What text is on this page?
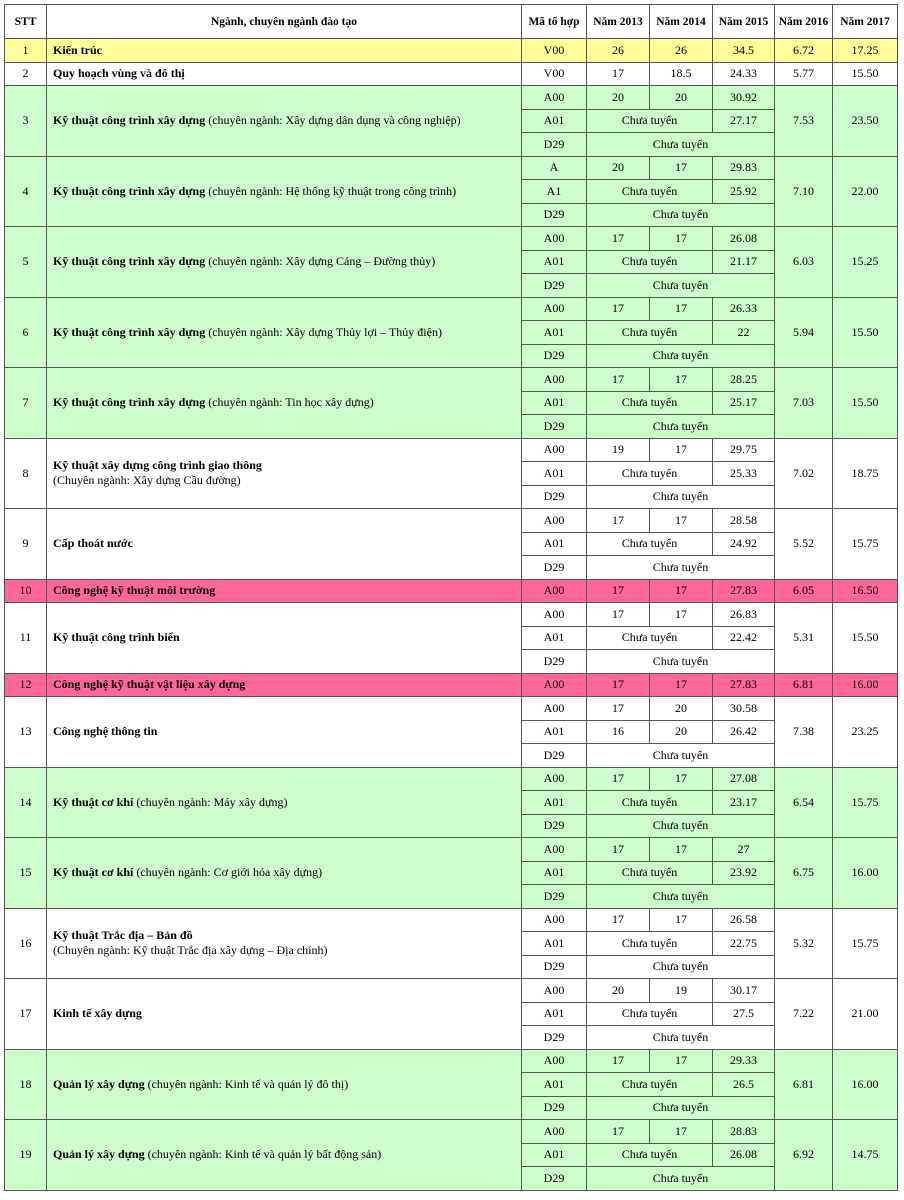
STT	Ngành, chuyên ngành đào tạo	Mã tổ hợp	Năm 2013	Năm 2014	Năm 2015	Năm 2016	Năm 2017
1	Kiến trúc	V00	26	26	34.5	6.72	17.25
2	Quy hoạch vùng và đô thị	V00	17	18.5	24.33	5.77	15.50
3	Kỹ thuật công trình xây dựng (chuyên ngành: Xây dựng dân dụng và công nghiệp)	A00	20	20	30.92	7.53	23.50
		A01	Chưa tuyển		27.17		
		D29	Chưa tuyển				
4	Kỹ thuật công trình xây dựng (chuyên ngành: Hệ thống kỹ thuật trong công trình)	A	20	17	29.83	7.10	22.00
		A1	Chưa tuyển		25.92		
		D29	Chưa tuyển				
5	Kỹ thuật công trình xây dựng (chuyên ngành: Xây dựng Cảng – Đường thủy)	A00	17	17	26.08	6.03	15.25
		A01	Chưa tuyển		21.17		
		D29	Chưa tuyển				
6	Kỹ thuật công trình xây dựng (chuyên ngành: Xây dựng Thủy lợi – Thủy điện)	A00	17	17	26.33	5.94	15.50
		A01	Chưa tuyển		22		
		D29	Chưa tuyển				
7	Kỹ thuật công trình xây dựng (chuyên ngành: Tin học xây dựng)	A00	17	17	28.25	7.03	15.50
		A01	Chưa tuyển		25.17		
		D29	Chưa tuyển				
8	Kỹ thuật xây dựng công trình giao thông
(Chuyên ngành: Xây dựng Cầu đường)	A00	19	17	29.75	7.02	18.75
		A01	Chưa tuyển		25.33		
		D29	Chưa tuyển				
9	Cấp thoát nước	A00	17	17	28.58	5.52	15.75
		A01	Chưa tuyển		24.92		
		D29	Chưa tuyển				
10	Công nghệ kỹ thuật môi trường	A00	17	17	27.83	6.05	16.50
11	Kỹ thuật công trình biển	A00	17	17	26.83	5.31	15.50
		A01	Chưa tuyển		22.42		
		D29	Chưa tuyển				
12	Công nghệ kỹ thuật vật liệu xây dựng	A00	17	17	27.83	6.81	16.00
13	Công nghệ thông tin	A00	17	20	30.58	7.38	23.25
		A01	16	20	26.42		
		D29	Chưa tuyển				
14	Kỹ thuật cơ khí (chuyên ngành: Máy xây dựng)	A00	17	17	27.08	6.54	15.75
		A01	Chưa tuyển		23.17		
		D29	Chưa tuyển				
15	Kỹ thuật cơ khí (chuyên ngành: Cơ giới hóa xây dựng)	A00	17	17	27	6.75	16.00
		A01	Chưa tuyển		23.92		
		D29	Chưa tuyển				
16	Kỹ thuật Trắc địa – Bản đồ
(Chuyên ngành: Kỹ thuật Trắc địa xây dựng – Địa chính)	A00	17	17	26.58	5.32	15.75
		A01	Chưa tuyển		22.75		
		D29	Chưa tuyển				
17	Kinh tế xây dựng	A00	20	19	30.17	7.22	21.00
		A01	Chưa tuyển		27.5		
		D29	Chưa tuyển				
18	Quản lý xây dựng (chuyên ngành: Kinh tế và quản lý đô thị)	A00	17	17	29.33	6.81	16.00
		A01	Chưa tuyển		26.5		
		D29	Chưa tuyển				
19	Quản lý xây dựng (chuyên ngành: Kinh tế và quản lý bất động sản)	A00	17	17	28.83	6.92	14.75
		A01	Chưa tuyển		26.08		
		D29	Chưa tuyển				
